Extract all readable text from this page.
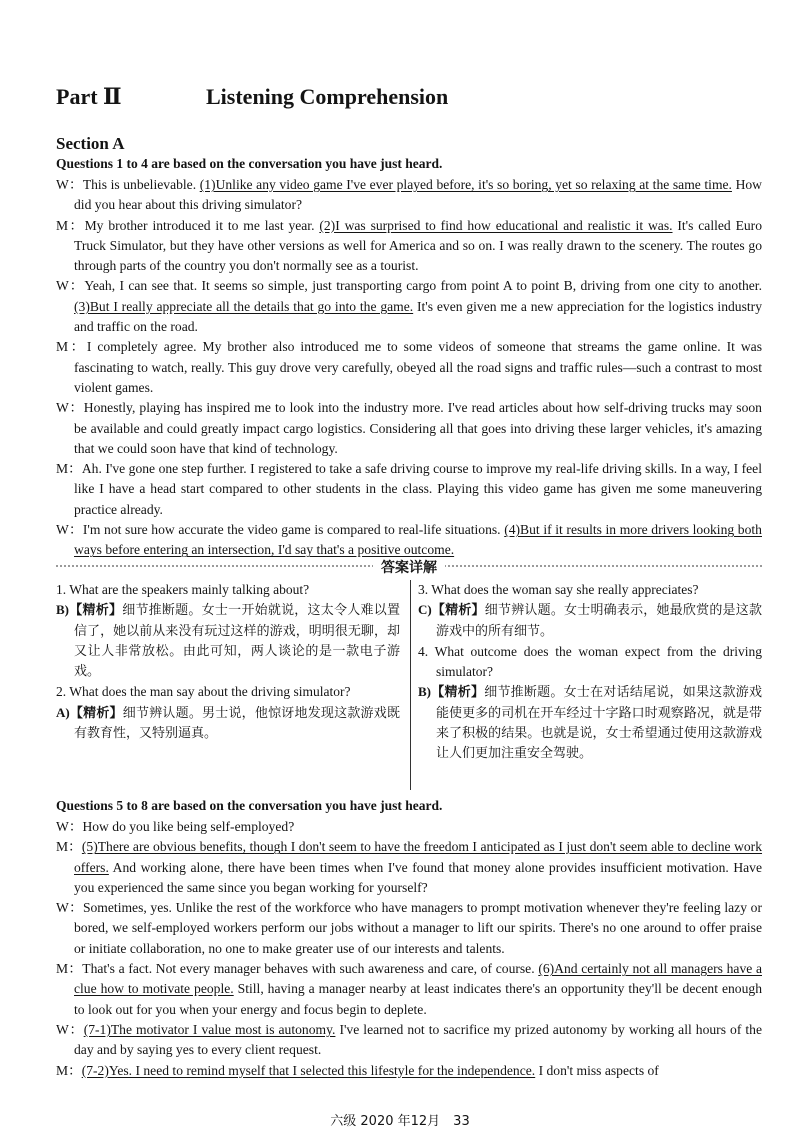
Part Ⅱ	Listening Comprehension
Section A
Questions 1 to 4 are based on the conversation you have just heard.

W：This is unbelievable. (1)Unlike any video game I've ever played before, it's so boring, yet so relaxing at the same time. How did you hear about this driving simulator?

M：My brother introduced it to me last year. (2)I was surprised to find how educational and realistic it was. It's called Euro Truck Simulator, but they have other versions as well for America and so on. I was really drawn to the scenery. The routes go through parts of the country you don't normally see as a tourist.

W：Yeah, I can see that. It seems so simple, just transporting cargo from point A to point B, driving from one city to another. (3)But I really appreciate all the details that go into the game. It's even given me a new appreciation for the logistics industry and traffic on the road.

M：I completely agree. My brother also introduced me to some videos of someone that streams the game online. It was fascinating to watch, really. This guy drove very carefully, obeyed all the road signs and traffic rules—such a contrast to most violent games.

W：Honestly, playing has inspired me to look into the industry more. I've read articles about how self-driving trucks may soon be available and could greatly impact cargo logistics. Considering all that goes into driving these larger vehicles, it's amazing that we could soon have that kind of technology.

M：Ah. I've gone one step further. I registered to take a safe driving course to improve my real-life driving skills. In a way, I feel like I have a head start compared to other students in the class. Playing this video game has given me some maneuvering practice already.

W：I'm not sure how accurate the video game is compared to real-life situations. (4)But if it results in more drivers looking both ways before entering an intersection, I'd say that's a positive outcome.

答案详解

1. What are the speakers mainly talking about?

B)【精析】细节推断题。女士一开始就说，这太令人难以置信了，她以前从来没有玩过这样的游戏，明明很无聊，却又让人非常放松。由此可知，两人谈论的是一款电子游戏。

2. What does the man say about the driving simulator?

A)【精析】细节辨认题。男士说，他惊讶地发现这款游戏既有教育性，又特别逼真。

3. What does the woman say she really appreciates?

C)【精析】细节辨认题。女士明确表示，她最欣赏的是这款游戏中的所有细节。

4. What outcome does the woman expect from the driving simulator?

B)【精析】细节推断题。女士在对话结尾说，如果这款游戏能使更多的司机在开车经过十字路口时观察路况，就是带来了积极的结果。也就是说，女士希望通过使用这款游戏让人们更加注重安全驾驶。

Questions 5 to 8 are based on the conversation you have just heard.

W：How do you like being self-employed?

M：(5)There are obvious benefits, though I don't seem to have the freedom I anticipated as I just don't seem able to decline work offers. And working alone, there have been times when I've found that money alone provides insufficient motivation. Have you experienced the same since you began working for yourself?

W：Sometimes, yes. Unlike the rest of the workforce who have managers to prompt motivation whenever they're feeling lazy or bored, we self-employed workers perform our jobs without a manager to lift our spirits. There's no one around to offer praise or initiate collaboration, no one to make greater use of our interests and talents.

M：That's a fact. Not every manager behaves with such awareness and care, of course. (6)And certainly not all managers have a clue how to motivate people. Still, having a manager nearby at least indicates there's an opportunity they'll be decent enough to look out for you when your energy and focus begin to deplete.

W：(7-1)The motivator I value most is autonomy. I've learned not to sacrifice my prized autonomy by working all hours of the day and by saying yes to every client request.

M：(7-2)Yes. I need to remind myself that I selected this lifestyle for the independence. I don't miss aspects of

六级 2020 年12月　33
